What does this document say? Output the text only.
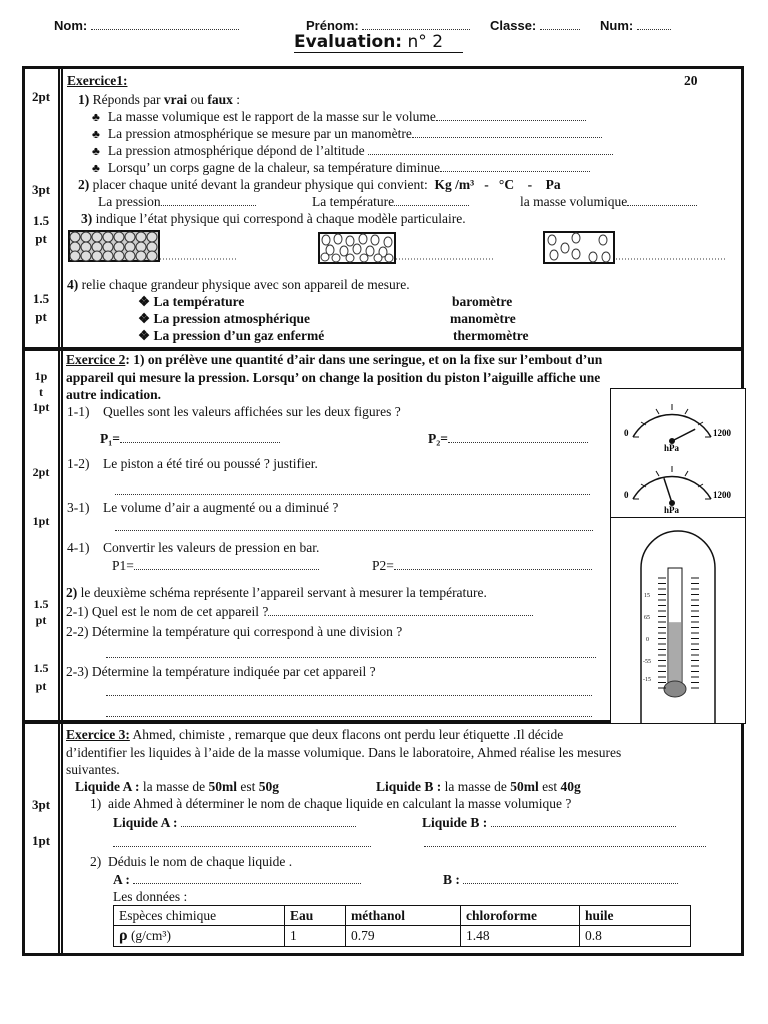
Nom:	Prénom:	Classe:	Num:
Evaluation: n° 2
2pt
3pt
1.5
pt
1.5
pt
Exercice1:	20
1) Réponds par vrai ou faux :
♣ La masse volumique est le rapport de la masse sur le volume
♣ La pression atmosphérique se mesure par un manomètre
♣ La pression atmosphérique dépond de l’altitude
♣ Lorsqu’ un corps gagne de la chaleur, sa température diminue
2) placer chaque unité devant la grandeur physique qui convient: Kg /m³   -   °C    -    Pa
La pression	La température	la masse volumique
3) indique l’état physique qui correspond à chaque modèle particulaire.
4) relie chaque grandeur physique avec son appareil de mesure.
❖ La température
❖ La pression atmosphérique
❖ La pression d’un gaz enfermé
baromètre
manomètre
thermomètre
1p
t
1pt
2pt
1pt
1.5
pt
1.5
pt
Exercice 2: 1) on prélève une quantité d’air dans une seringue, et on la fixe sur l’embout d’un
appareil qui mesure la pression. Lorsqu’ on change la position du piston l’aiguille affiche une
autre indication.
1-1) Quelles sont les valeurs affichées sur les deux figures ?
P₁=	P₂=
1-2) Le piston a été tiré ou poussé ? justifier.
3-1) Le volume d’air a augmenté ou a diminué ?
4-1) Convertir les valeurs de pression en bar.
P1=	P2=
2) le deuxième schéma représente l’appareil servant à mesurer la température.
2-1) Quel est le nom de cet appareil ?
2-2) Détermine la température qui correspond à une division ?
2-3) Détermine la température indiquée par cet appareil ?
0	1200
hPa
0	1200
hPa
15
65
0
-55
-15
3pt
1pt
Exercice 3: Ahmed, chimiste , remarque que deux flacons ont perdu leur étiquette .Il décide
d’identifier les liquides à l’aide de la masse volumique. Dans le laboratoire, Ahmed réalise les mesures
suivantes.
Liquide A : la masse de 50ml est 50g	Liquide B : la masse de 50ml est 40g
1) aide Ahmed à déterminer le nom de chaque liquide en calculant la masse volumique ?
Liquide A :	Liquide B :
2) Déduis le nom de chaque liquide .
A :	B :
Les données :
Espèces chimique	Eau	méthanol	chloroforme	huile
ρ (g/cm³)	1	0.79	1.48	0.8
